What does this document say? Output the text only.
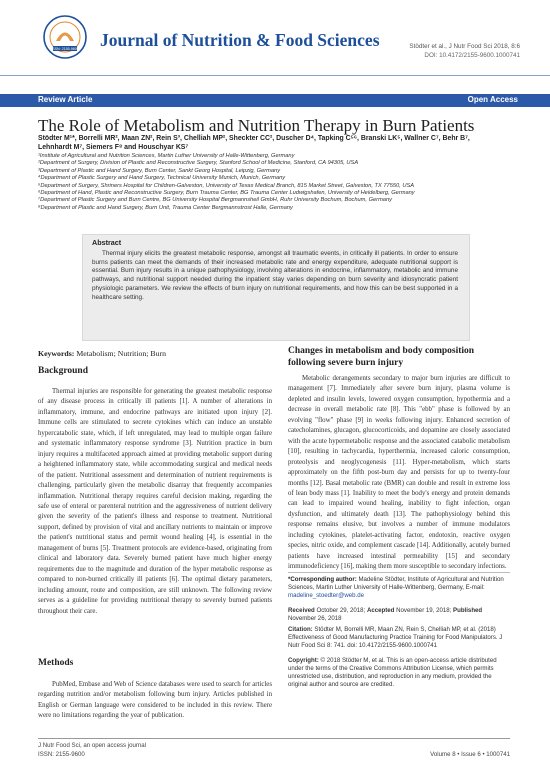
ISSN: 2155-9600 Journal of Nutrition & Food Sciences	Stödter et al., J Nutr Food Sci 2018, 8:6
DOI: 10.4172/2155-9600.1000741
Review Article	Open Access
The Role of Metabolism and Nutrition Therapy in Burn Patients
Stödter M¹*, Borrelli MR², Maan ZN², Rein S³, Chelliah MP², Sheckter CC², Duscher D⁴, Tapking C⁵⁶, Branski LK⁵, Wallner C⁷, Behr B⁷,
Lehnhardt M⁷, Siemers F⁸ and Houschyar KS⁷
¹Institute of Agricultural and Nutrition Sciences, Martin Luther University of Halle-Wittenberg, Germany
²Department of Surgery, Division of Plastic and Reconstructive Surgery, Stanford School of Medicine, Stanford, CA 94305, USA
³Department of Plastic and Hand Surgery, Burn Center, Sankt Georg Hospital, Leipzig, Germany
⁴Department of Plastic Surgery and Hand Surgery, Technical University Munich, Munich, Germany
⁵Department of Surgery, Shriners Hospital for Children-Galveston, University of Texas Medical Branch, 815 Market Street, Galveston, TX 77550, USA
⁶Department of Hand, Plastic and Reconstructive Surgery, Burn Trauma Center, BG Trauma Center Ludwigshafen, University of Heidelberg, Germany
⁷Department of Plastic Surgery and Burn Centre, BG University Hospital Bergmannsheil GmbH, Ruhr University Bochum, Bochum, Germany
⁸Department of Plastic and Hand Surgery, Burn Unit, Trauma Center Bergmannstrost Halle, Germany
Abstract
Thermal injury elicits the greatest metabolic response, amongst all traumatic events, in critically ill patients. In order to ensure burns patients can meet the demands of their increased metabolic rate and energy expenditure, adequate nutritional support is essential. Burn injury results in a unique pathophysiology, involving alterations in endocrine, inflammatory, metabolic and immune pathways, and nutritional support needed during the inpatient stay varies depending on burn severity and idiosyncratic patient physiologic parameters. We review the effects of burn injury on nutritional requirements, and how this can be best supported in a healthcare setting.
Keywords: Metabolism; Nutrition; Burn
Background

Thermal injuries are responsible for generating the greatest metabolic response of any disease process in critically ill patients [1]. A number of alterations in inflammatory, immune, and endocrine pathways are initiated upon injury [2]. Immune cells are stimulated to secrete cytokines which can induce an unstable hypercatabolic state, which, if left unregulated, may lead to multiple organ failure and systematic inflammatory response syndrome [3]. Nutrition practice in burn injury requires a multifaceted approach aimed at providing metabolic support during a heightened inflammatory state, while accommodating surgical and medical needs of the patient. Nutritional assessment and determination of nutrient requirements is challenging, particularly given the metabolic disarray that frequently accompanies inflammation. Nutritional therapy requires careful decision making, regarding the safe use of enteral or parenteral nutrition and the aggressiveness of nutrient delivery given the severity of the patient's illness and response to treatment. Nutritional support, defined by provision of vital and ancillary nutrients to maintain or improve the patient's nutritional status and permit wound healing [4], is essential in the management of burns [5]. Treatment protocols are evidence-based, originating from clinical and laboratory data. Severely burned patient have much higher energy requirements due to the magnitude and duration of the hyper metabolic response as compared to non-burned critically ill patients [6]. The optimal dietary parameters, including amount, route and composition, are still unknown. The following review serves as a guideline for providing nutritional therapy to severely burned patients throughout their care.

Methods

PubMed, Embase and Web of Science databases were used to search for articles regarding nutrition and/or metabolism following burn injury. Articles published in English or German language were considered to be included in this review. There were no limitations regarding the year of publication.

Changes in metabolism and body composition following severe burn injury

Metabolic derangements secondary to major burn injuries are difficult to management [7]. Immediately after severe burn injury, plasma volume is depleted and insulin levels, lowered oxygen consumption, hypothermia and a decrease in overall metabolic rate [8]. This "ebb" phase is followed by an evolving "flow" phase [9] in weeks following injury. Enhanced secretion of catecholamines, glucagon, glucocorticoids, and dopamine are closely associated with the acute hypermetabolic response and the associated catabolic metabolism [10], resulting in tachycardia, hyperthermia, increased caloric consumption, proteolysis and neoglycogenesis [11]. Hyper-metabolism, which starts approximately on the fifth post-burn day and persists for up to twenty-four months [12]. Basal metabolic rate (BMR) can double and result in extreme loss of lean body mass [1]. Inability to meet the body's energy and protein demands can lead to impaired wound healing, inability to fight infection, organ dysfunction, and ultimately death [13]. The pathophysiology behind this response remains elusive, but involves a number of immune modulators including cytokines, platelet-activating factor, endotoxin, reactive oxygen species, nitric oxide, and complement cascade [14]. Additionally, acutely burned patients have increased intestinal permeability [15] and secondary immunodeficiency [16], making them more susceptible to secondary infections.

*Corresponding author: Madeline Stödter, Institute of Agricultural and Nutrition Sciences, Martin Luther University of Halle-Wittenberg, Germany, E-mail: madeline_stoedter@web.de
Received October 29, 2018; Accepted November 19, 2018; Published November 26, 2018
Citation: Stödter M, Borrelli MR, Maan ZN, Rein S, Chelliah MP, et al. (2018) Effectiveness of Good Manufacturing Practice Training for Food Manipulators. J Nutr Food Sci 8: 741. doi: 10.4172/2155-9600.1000741
Copyright: © 2018 Stödter M, et al. This is an open-access article distributed under the terms of the Creative Commons Attribution License, which permits unrestricted use, distribution, and reproduction in any medium, provided the original author and source are credited.
J Nutr Food Sci, an open access journal
ISSN: 2155-9600	Volume 8 • Issue 6 • 1000741
